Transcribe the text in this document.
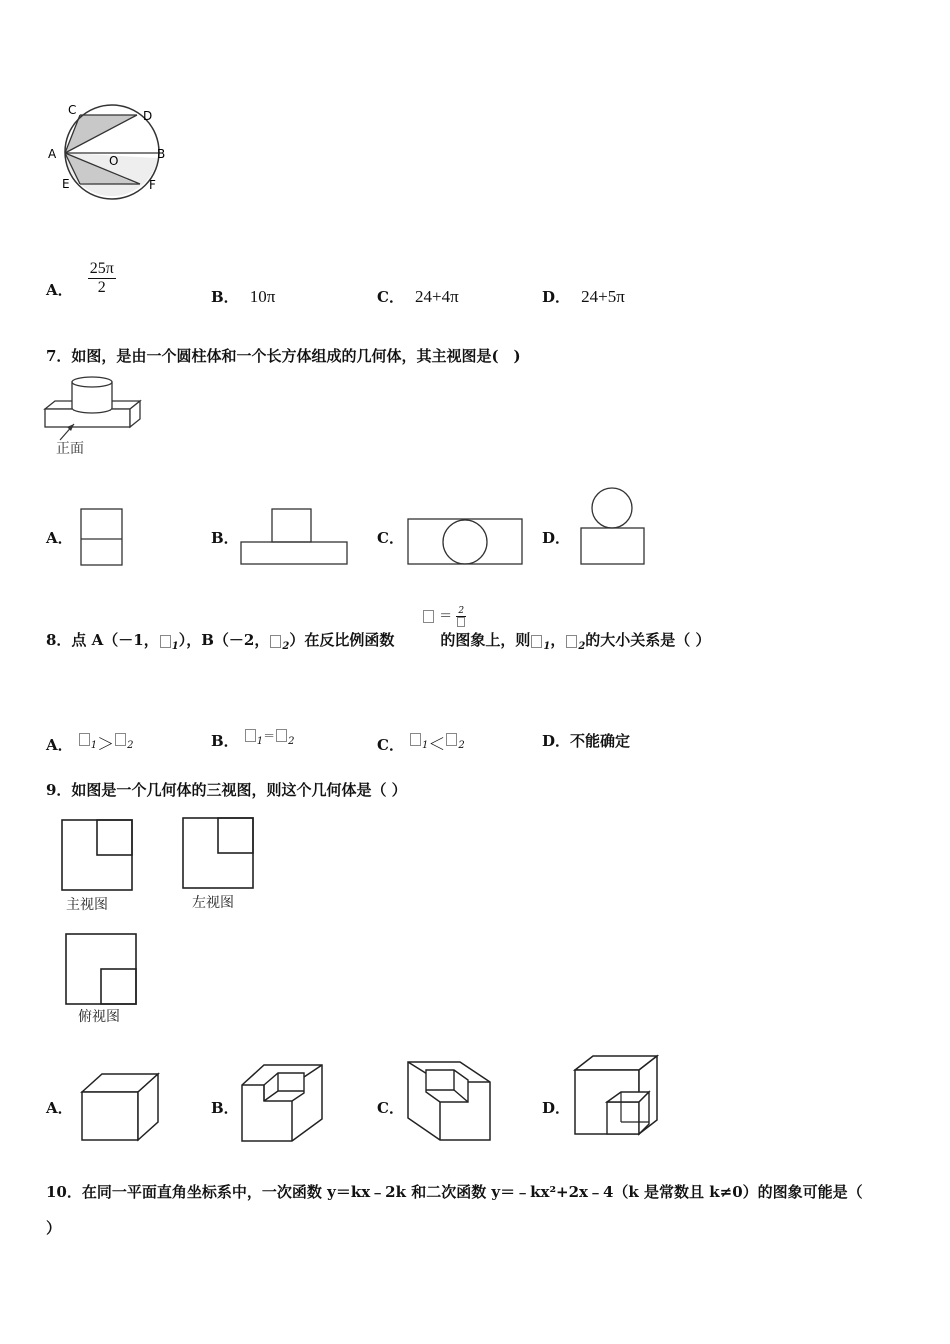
C	D
A	O	B
E	F
A． $\frac{25\pi}{2}$	B． 10π	C． 24+4π	D． 24+5π
7．如图，是由一个圆柱体和一个长方体组成的几何体，其主视图是(　)
正面
A．	B．	C．	D．
8．点 A（－1， $_1$），B（－2， $_2$）在反比例函数	的图象上，则 $_1$， $_2$的大小关系是（ ）
＝ 2
A． $_1$＞ $_2$	B． $_1$＝ $_2$	C． $_1$＜ $_2$	D．不能确定
9．如图是一个几何体的三视图，则这个几何体是（ ）
主视图	左视图
俯视图
A．	B．	C．	D．
10．在同一平面直角坐标系中，一次函数 y＝kx﹣2k 和二次函数 y＝﹣kx²+2x﹣4（k 是常数且 k≠0）的图象可能是（
）
